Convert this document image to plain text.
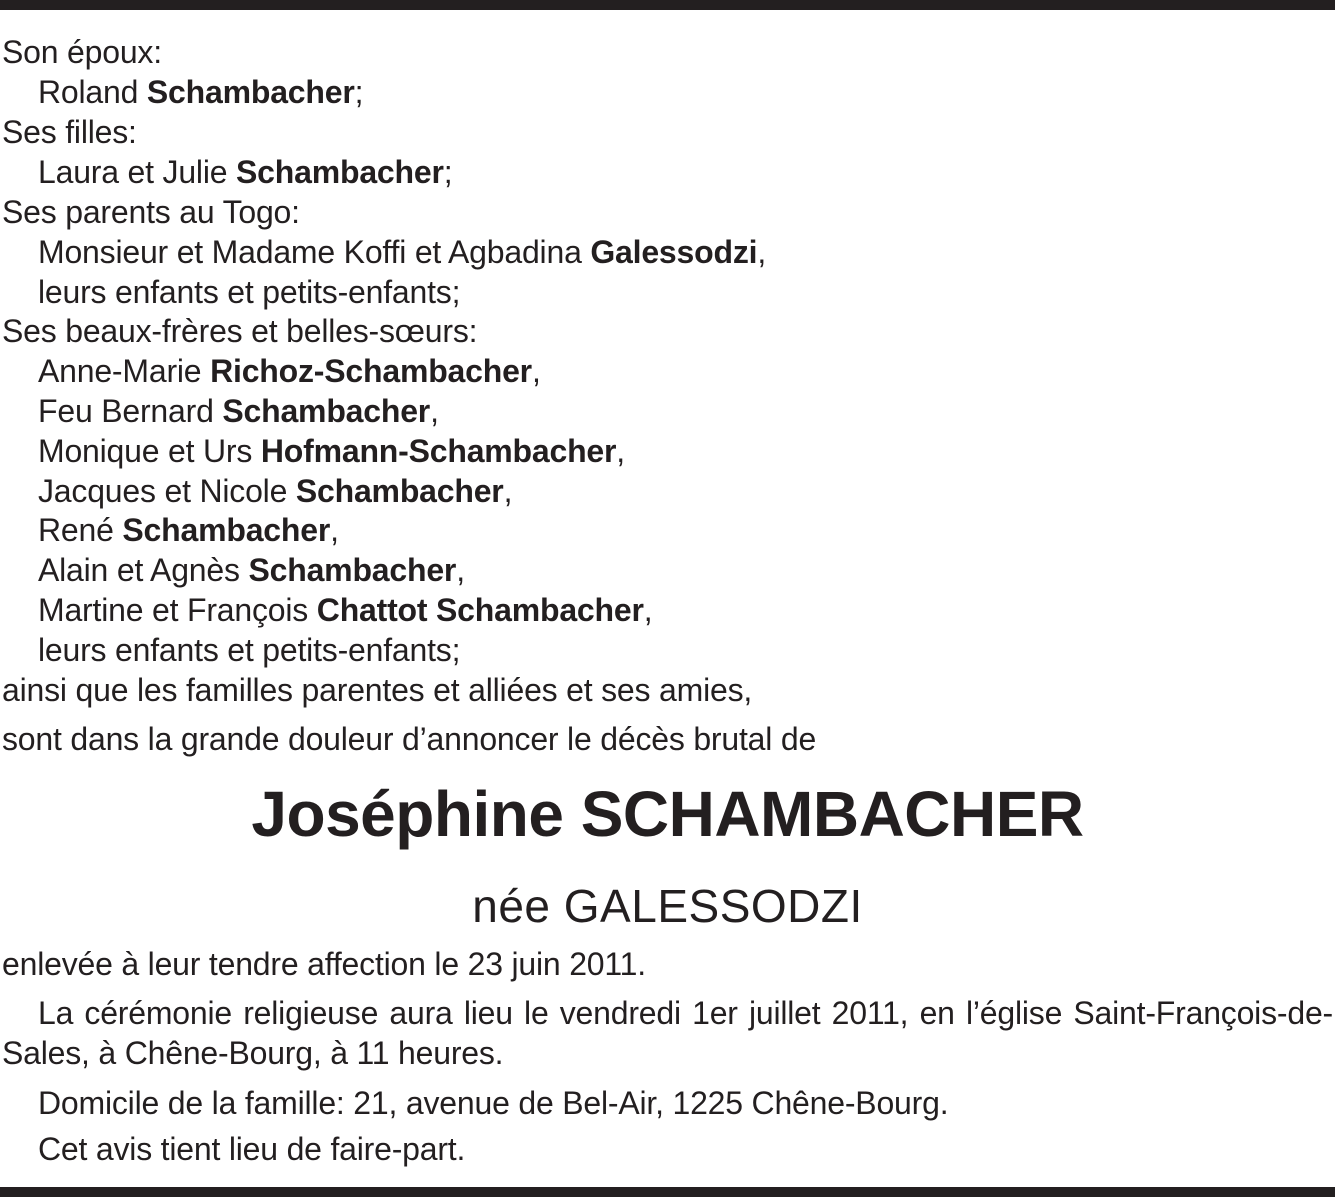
Son époux:
Roland Schambacher;
Ses filles:
Laura et Julie Schambacher;
Ses parents au Togo:
Monsieur et Madame Koffi et Agbadina Galessodzi,
leurs enfants et petits-enfants;
Ses beaux-frères et belles-sœurs:
Anne-Marie Richoz-Schambacher,
Feu Bernard Schambacher,
Monique et Urs Hofmann-Schambacher,
Jacques et Nicole Schambacher,
René Schambacher,
Alain et Agnès Schambacher,
Martine et François Chattot Schambacher,
leurs enfants et petits-enfants;
ainsi que les familles parentes et alliées et ses amies,
sont dans la grande douleur d’annoncer le décès brutal de
Joséphine SCHAMBACHER
née GALESSODZI
enlevée à leur tendre affection le 23 juin 2011.
La cérémonie religieuse aura lieu le vendredi 1er juillet 2011, en l’église Saint-François-de-Sales, à Chêne-Bourg, à 11 heures.
Domicile de la famille: 21, avenue de Bel-Air, 1225 Chêne-Bourg.
Cet avis tient lieu de faire-part.
